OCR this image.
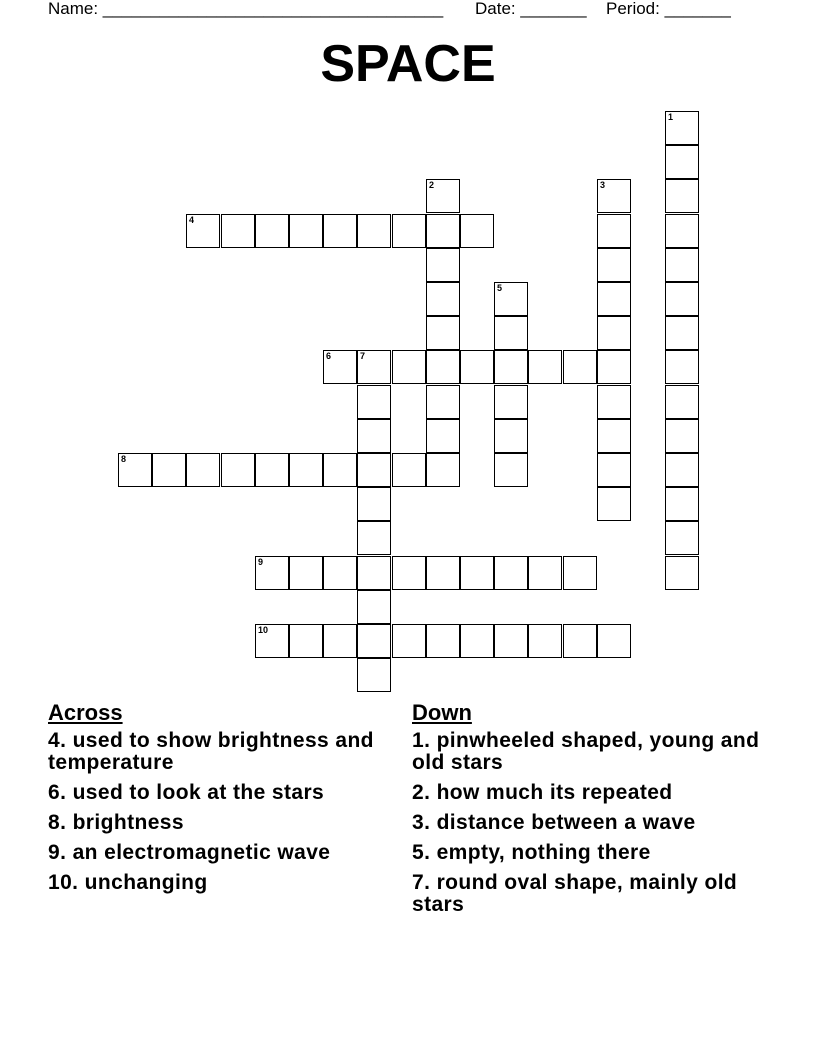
Name: ____________________________________ Date: _______ Period: _______
SPACE
1
2	3
4
5
6	7
8
9
10
Across
4. used to show brightness and temperature
6. used to look at the stars
8. brightness
9. an electromagnetic wave
10. unchanging
Down
1. pinwheeled shaped, young and old stars
2. how much its repeated
3. distance between a wave
5. empty, nothing there
7. round oval shape, mainly old stars
